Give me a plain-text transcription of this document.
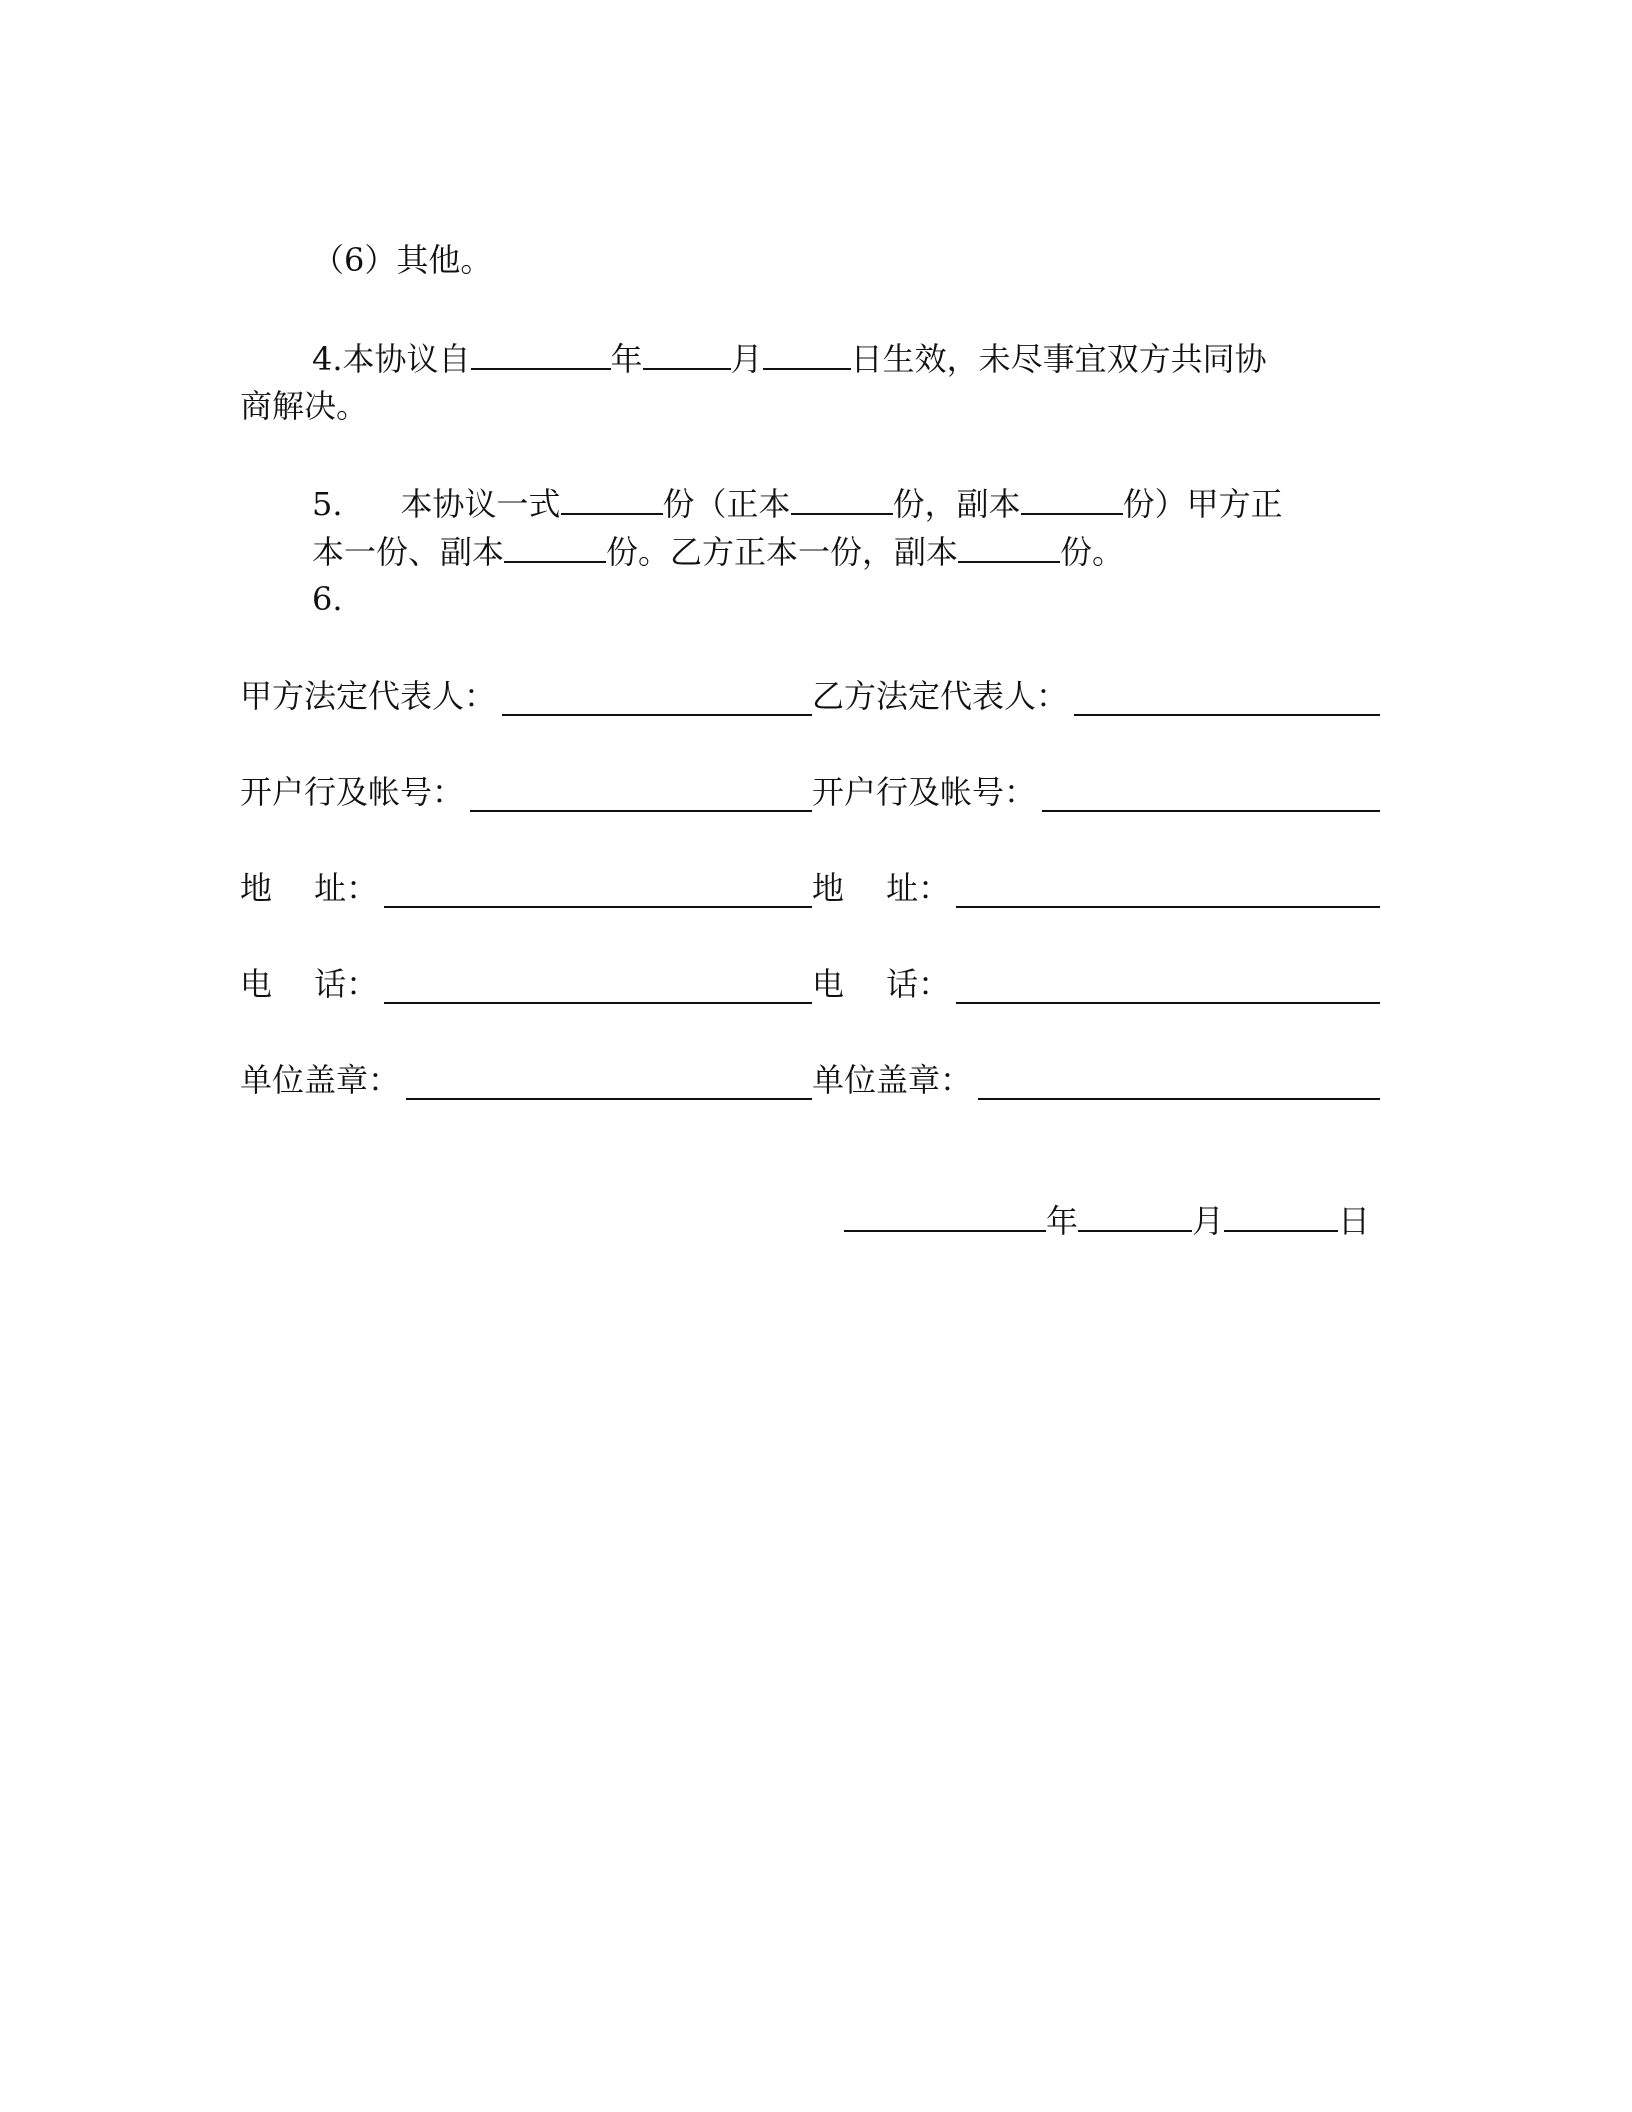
（6）其他。
4.本协议自	年	月	日生效，未尽事宜双方共同协
商解决。
5. 本协议一式	份（正本	份，副本	份）甲方正
本一份、副本	份。乙方正本一份，副本	份。
6.
甲方法定代表人：	乙方法定代表人：
开户行及帐号：	开户行及帐号：
地　 址：	地　 址：
电　 话：	电　 话：
单位盖章：	单位盖章：
年	月	日
